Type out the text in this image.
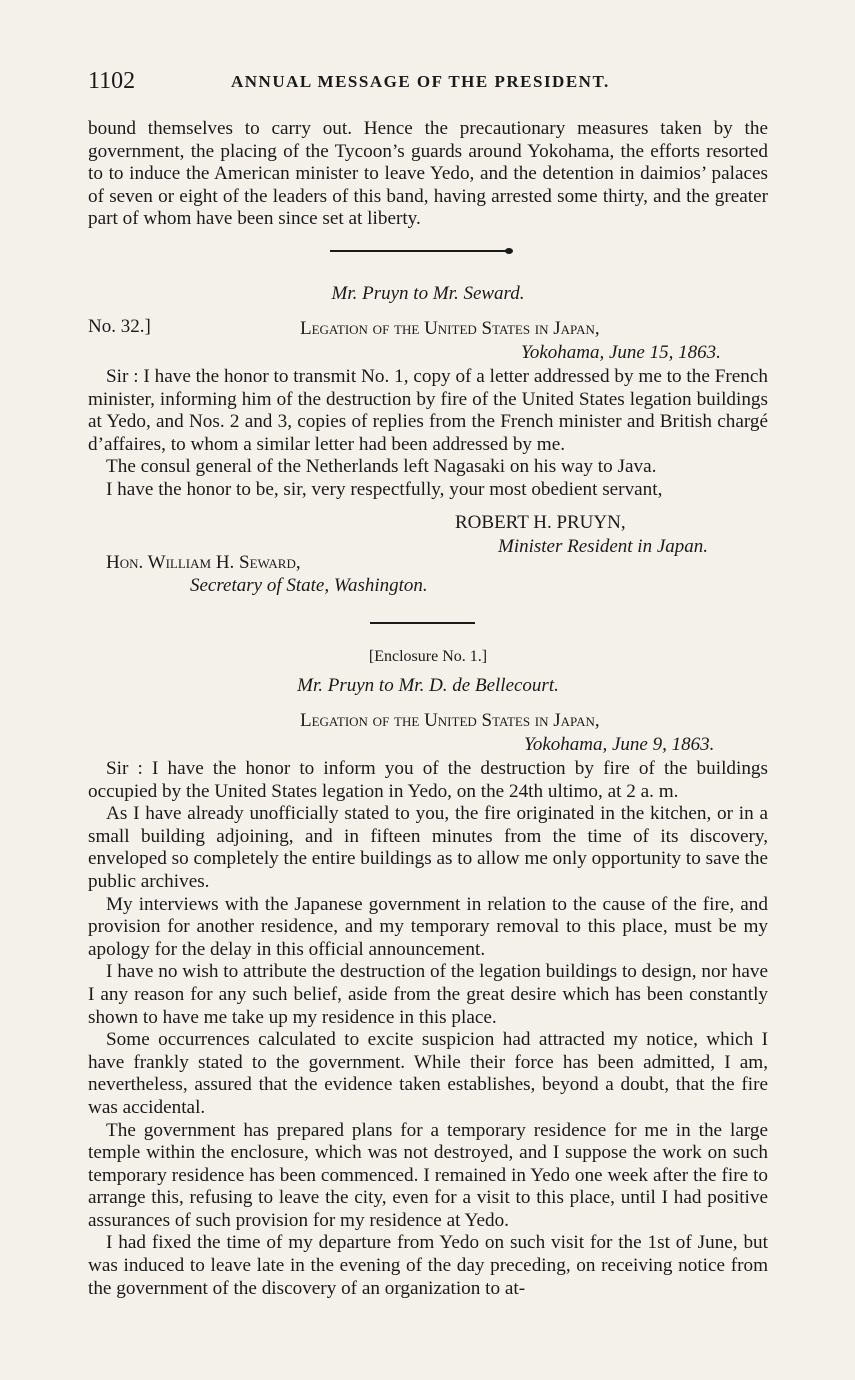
1102	ANNUAL MESSAGE OF THE PRESIDENT.

bound themselves to carry out. Hence the precautionary measures taken by the government, the placing of the Tycoon’s guards around Yokohama, the efforts resorted to to induce the American minister to leave Yedo, and the detention in daimios’ palaces of seven or eight of the leaders of this band, having arrested some thirty, and the greater part of whom have been since set at liberty.

Mr. Pruyn to Mr. Seward.
No. 32.]	Legation of the United States in Japan,
Yokohama, June 15, 1863.

Sir : I have the honor to transmit No. 1, copy of a letter addressed by me to the French minister, informing him of the destruction by fire of the United States legation buildings at Yedo, and Nos. 2 and 3, copies of replies from the French minister and British chargé d’affaires, to whom a similar letter had been addressed by me.

The consul general of the Netherlands left Nagasaki on his way to Java.

I have the honor to be, sir, very respectfully, your most obedient servant,

ROBERT H. PRUYN,
Minister Resident in Japan.
Hon. William H. Seward,
Secretary of State, Washington.
[Enclosure No. 1.]
Mr. Pruyn to Mr. D. de Bellecourt.
Legation of the United States in Japan,
Yokohama, June 9, 1863.

Sir : I have the honor to inform you of the destruction by fire of the buildings occupied by the United States legation in Yedo, on the 24th ultimo, at 2 a. m.

As I have already unofficially stated to you, the fire originated in the kitchen, or in a small building adjoining, and in fifteen minutes from the time of its discovery, enveloped so completely the entire buildings as to allow me only opportunity to save the public archives.

My interviews with the Japanese government in relation to the cause of the fire, and provision for another residence, and my temporary removal to this place, must be my apology for the delay in this official announcement.

I have no wish to attribute the destruction of the legation buildings to design, nor have I any reason for any such belief, aside from the great desire which has been constantly shown to have me take up my residence in this place.

Some occurrences calculated to excite suspicion had attracted my notice, which I have frankly stated to the government. While their force has been admitted, I am, nevertheless, assured that the evidence taken establishes, beyond a doubt, that the fire was accidental.

The government has prepared plans for a temporary residence for me in the large temple within the enclosure, which was not destroyed, and I suppose the work on such temporary residence has been commenced. I remained in Yedo one week after the fire to arrange this, refusing to leave the city, even for a visit to this place, until I had positive assurances of such provision for my residence at Yedo.

I had fixed the time of my departure from Yedo on such visit for the 1st of June, but was induced to leave late in the evening of the day preceding, on receiving notice from the government of the discovery of an organization to at-
